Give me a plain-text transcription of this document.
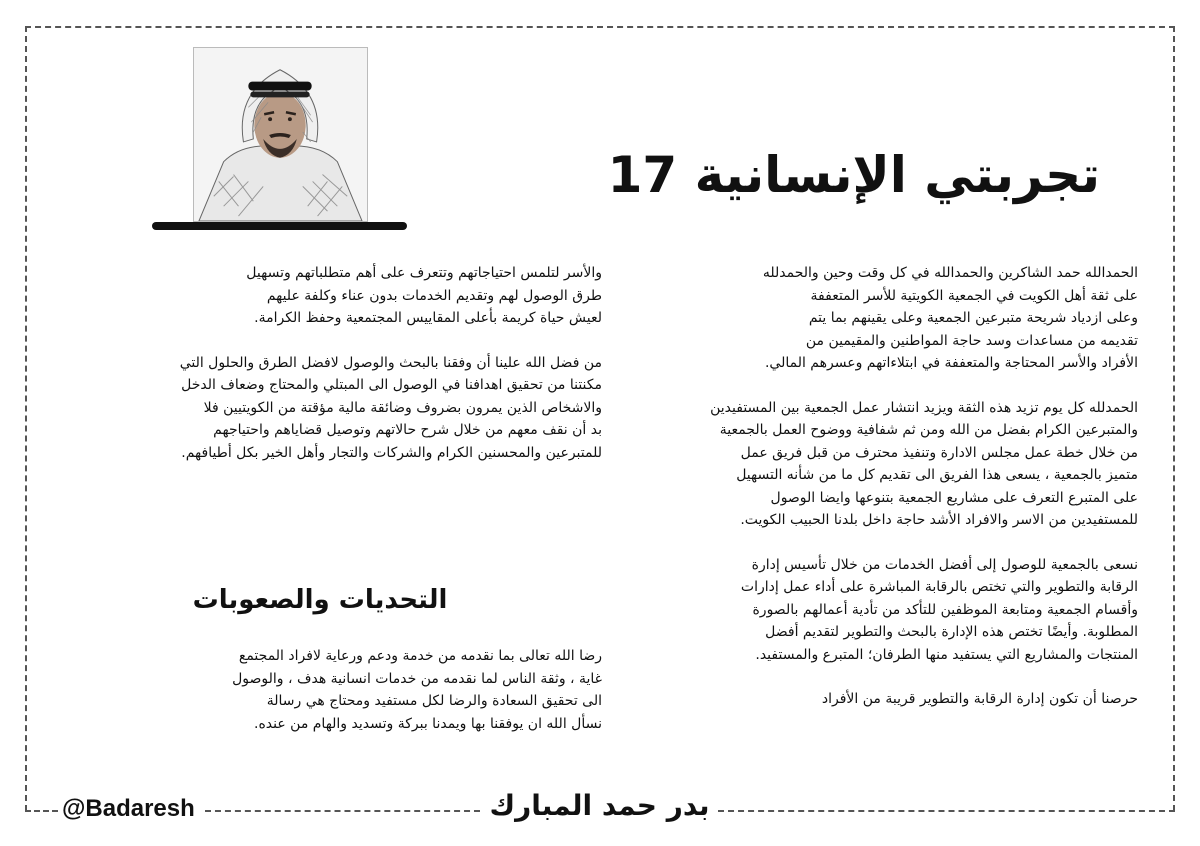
تجربتي الإنسانية 17

الحمدالله حمد الشاكرين والحمدالله في كل وقت وحين والحمدلله
على ثقة أهل الكويت في الجمعية الكويتية للأسر المتعففة
وعلى ازدياد شريحة متبرعين الجمعية وعلى يقينهم بما يتم
تقديمه من مساعدات وسد حاجة المواطنين والمقيمين من
الأفراد والأسر المحتاجة والمتعففة في ابتلاءاتهم وعسرهم المالي.

الحمدلله كل يوم تزيد هذه الثقة ويزيد انتشار عمل الجمعية بين المستفيدين
والمتبرعين الكرام بفضل من الله ومن ثم شفافية ووضوح العمل بالجمعية
من خلال خطة عمل مجلس الادارة وتنفيذ محترف من قبل فريق عمل
متميز بالجمعية ، يسعى هذا الفريق الى تقديم كل ما من شأنه التسهيل
على المتبرع التعرف على مشاريع الجمعية بتنوعها وايضا الوصول
للمستفيدين من الاسر والافراد الأشد حاجة داخل بلدنا الحبيب الكويت.

نسعى بالجمعية للوصول إلى أفضل الخدمات من خلال تأسيس إدارة
الرقابة والتطوير والتي تختص بالرقابة المباشرة على أداء عمل إدارات
وأقسام الجمعية ومتابعة الموظفين للتأكد من تأدية أعمالهم بالصورة
المطلوبة. وأيضًا تختص هذه الإدارة بالبحث والتطوير لتقديم أفضل
المنتجات والمشاريع التي يستفيد منها الطرفان؛ المتبرع والمستفيد.

حرصنا أن تكون إدارة الرقابة والتطوير قريبة من الأفراد

والأسر لتلمس احتياجاتهم وتتعرف على أهم متطلباتهم وتسهيل
طرق الوصول لهم وتقديم الخدمات بدون عناء وكلفة عليهم
لعيش حياة كريمة بأعلى المقاييس المجتمعية وحفظ الكرامة.

من فضل الله علينا أن وفقنا بالبحث والوصول لافضل الطرق والحلول التي
مكنتنا من تحقيق اهدافنا في الوصول الى المبتلي والمحتاج وضعاف الدخل
والاشخاص الذين يمرون بضروف وضائقة مالية مؤقتة من الكويتيين فلا
بد أن نقف معهم من خلال شرح حالاتهم وتوصيل قضاياهم واحتياجهم
للمتبرعين والمحسنين الكرام والشركات والتجار وأهل الخير بكل أطيافهم.

التحديات والصعوبات

رضا الله تعالى بما نقدمه من خدمة ودعم ورعاية لافراد المجتمع
غاية ، وثقة الناس لما نقدمه من خدمات انسانية هدف ، والوصول
الى تحقيق السعادة والرضا لكل مستفيد ومحتاج هي رسالة
نسأل الله ان يوفقنا بها ويمدنا ببركة وتسديد والهام من عنده.

@Badaresh	بدر حمد المبارك
